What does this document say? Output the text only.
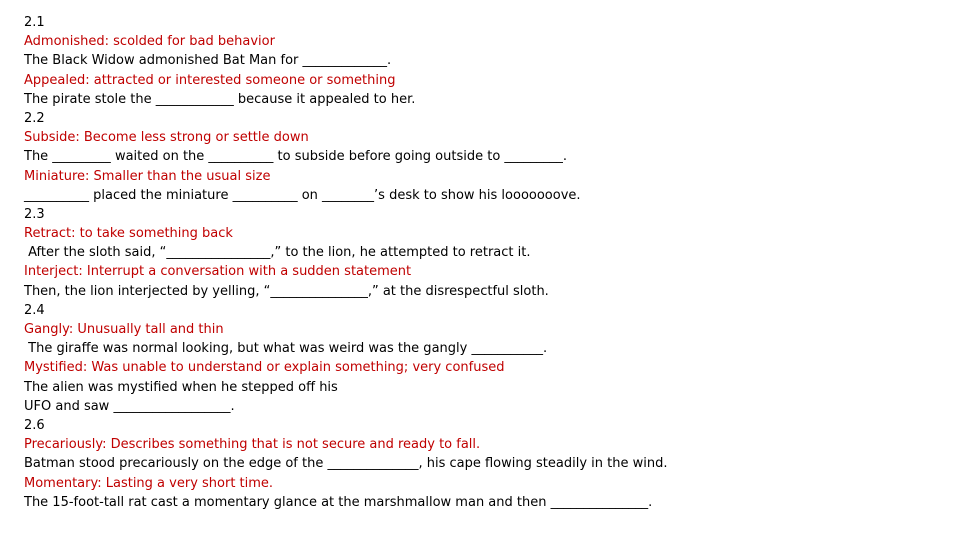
2.1
Admonished: scolded for bad behavior
The Black Widow admonished Bat Man for _____________.
Appealed: attracted or interested someone or something
The pirate stole the ____________ because it appealed to her.
2.2
Subside: Become less strong or settle down
The _________ waited on the __________ to subside before going outside to _________.
Miniature: Smaller than the usual size
__________ placed the miniature __________ on ________’s desk to show his looooooove.
2.3
Retract: to take something back
After the sloth said, “________________,” to the lion, he attempted to retract it.
Interject: Interrupt a conversation with a sudden statement
Then, the lion interjected by yelling, “_______________,” at the disrespectful sloth.
2.4
Gangly: Unusually tall and thin
The giraffe was normal looking, but what was weird was the gangly ___________.
Mystified: Was unable to understand or explain something; very confused
The alien was mystified when he stepped off his
UFO and saw __________________.
2.6
Precariously: Describes something that is not secure and ready to fall.
Batman stood precariously on the edge of the ______________, his cape flowing steadily in the wind.
Momentary: Lasting a very short time.
The 15-foot-tall rat cast a momentary glance at the marshmallow man and then _______________.
